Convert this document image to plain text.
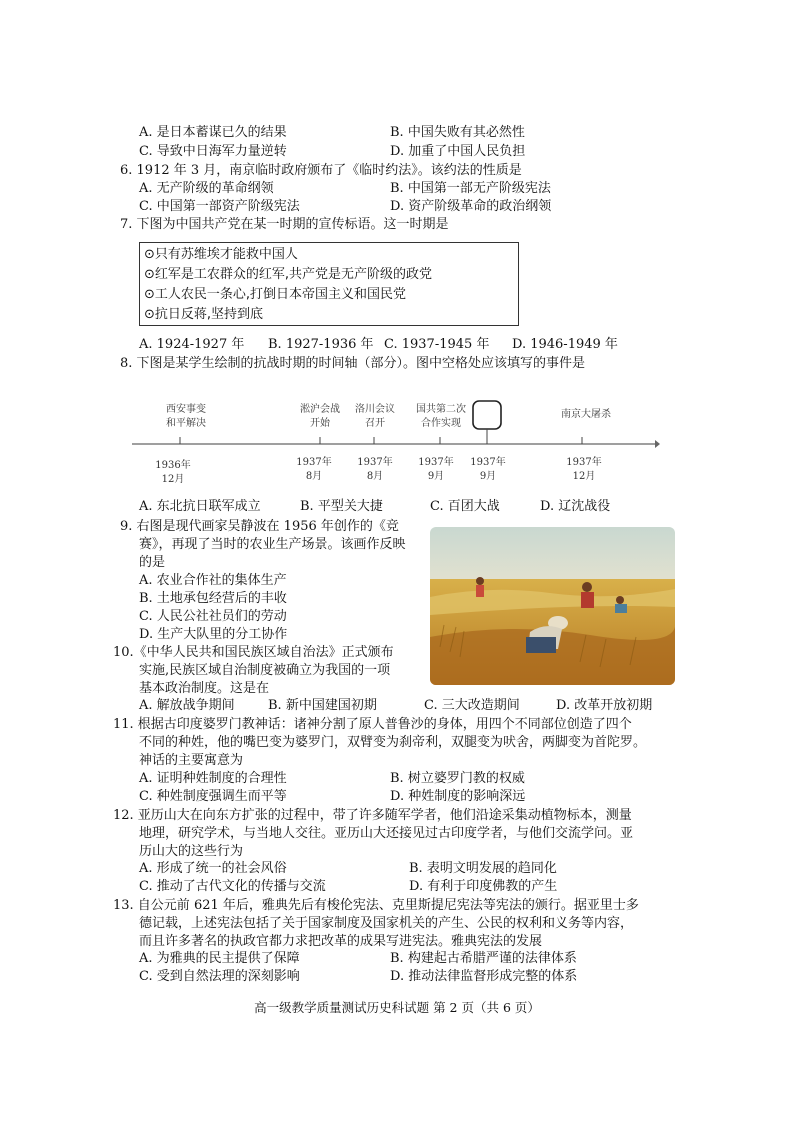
A. 是日本蓄谋已久的结果	B. 中国失败有其必然性
C. 导致中日海军力量逆转	D. 加重了中国人民负担
6. 1912 年 3 月，南京临时政府颁布了《临时约法》。该约法的性质是
A. 无产阶级的革命纲领	B. 中国第一部无产阶级宪法
C. 中国第一部资产阶级宪法	D. 资产阶级革命的政治纲领
7. 下图为中国共产党在某一时期的宣传标语。这一时期是
⊙只有苏维埃才能救中国人
⊙红军是工农群众的红军,共产党是无产阶级的政党
⊙工人农民一条心,打倒日本帝国主义和国民党
⊙抗日反蒋,坚持到底
A. 1924-1927 年 B. 1927-1936 年 C. 1937-1945 年 D. 1946-1949 年
8. 下图是某学生绘制的抗战时期的时间轴（部分）。图中空格处应该填写的事件是
西安事变
和平解决
1936年
12月
淞沪会战
开始
1937年
8月
洛川会议
召开
1937年
8月
国共第二次
合作实现
1937年
9月
1937年
9月
南京大屠杀
1937年
12月
A. 东北抗日联军成立	B. 平型关大捷	C. 百团大战	D. 辽沈战役
9. 右图是现代画家吴静波在 1956 年创作的《竞
赛》，再现了当时的农业生产场景。该画作反映
的是
A. 农业合作社的集体生产
B. 土地承包经营后的丰收
C. 人民公社社员们的劳动
D. 生产大队里的分工协作
10.《中华人民共和国民族区域自治法》正式颁布
实施,民族区域自治制度被确立为我国的一项
基本政治制度。这是在
A. 解放战争期间	B. 新中国建国初期	C. 三大改造期间	D. 改革开放初期
11. 根据古印度婆罗门教神话：诸神分割了原人普鲁沙的身体，用四个不同部位创造了四个
不同的种姓，他的嘴巴变为婆罗门，双臂变为刹帝利，双腿变为吠舍，两脚变为首陀罗。
神话的主要寓意为
A. 证明种姓制度的合理性	B. 树立婆罗门教的权威
C. 种姓制度强调生而平等	D. 种姓制度的影响深远
12. 亚历山大在向东方扩张的过程中，带了许多随军学者，他们沿途采集动植物标本，测量
地理，研究学术，与当地人交往。亚历山大还接见过古印度学者，与他们交流学问。亚
历山大的这些行为
A. 形成了统一的社会风俗	B. 表明文明发展的趋同化
C. 推动了古代文化的传播与交流	D. 有利于印度佛教的产生
13. 自公元前 621 年后，雅典先后有梭伦宪法、克里斯提尼宪法等宪法的颁行。据亚里士多
德记载，上述宪法包括了关于国家制度及国家机关的产生、公民的权利和义务等内容，
而且许多著名的执政官都力求把改革的成果写进宪法。雅典宪法的发展
A. 为雅典的民主提供了保障	B. 构建起古希腊严谨的法律体系
C. 受到自然法理的深刻影响	D. 推动法律监督形成完整的体系
高一级教学质量测试历史科试题 第 2 页（共 6 页）
